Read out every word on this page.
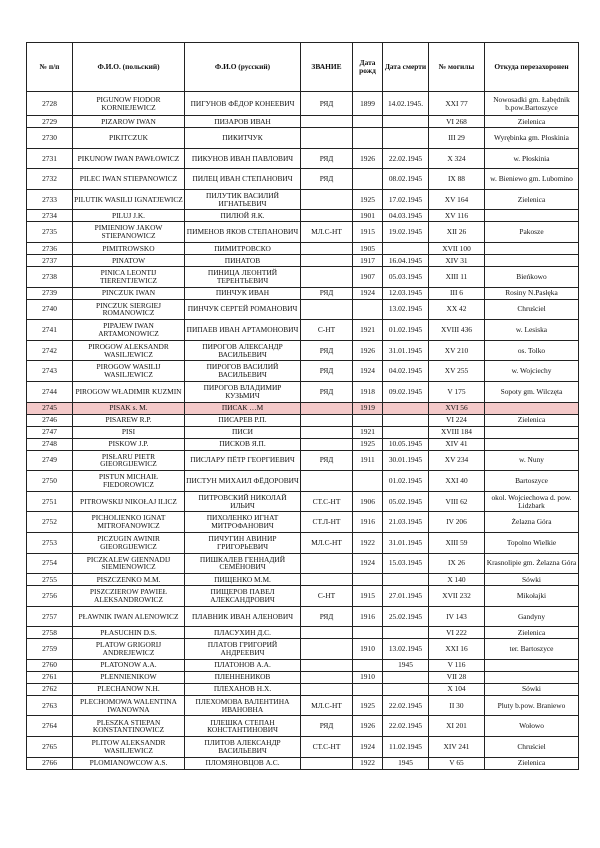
№ п/п	Ф.И.О. (польский)	Ф.И.О (русский)	ЗВАНИЕ	Дата рожд	Дата смерти	№ могилы	Откуда перезахоронен
2728	PIGUNOW FIODOR KORNIEJEWICZ	ПИГУНОВ ФЁДОР КОНЕЕВИЧ	РЯД	1899	14.02.1945.	XXI 77	Nowosadki gm. Łabędnik b.pow.Bartoszyce
2729	PIZAROW IWAN	ПИЗАРОВ ИВАН				VI 268	Zielenica
2730	PIKITCZUK	ПИКИТЧУК				III 29	Wyrębinka gm. Płoskinia
2731	PIKUNOW IWAN PAWŁOWICZ	ПИКУНОВ ИВАН ПАВЛОВИЧ	РЯД	1926	22.02.1945	X 324	w. Płoskinia
2732	PILEC IWAN STIEPANOWICZ	ПИЛЕЦ ИВАН СТЕПАНОВИЧ	РЯД		08.02.1945	IX 88	w. Bieniewo gm. Lubomino
2733	PILUTIK WASILIJ IGNATJEWICZ	ПИЛУТИК ВАСИЛИЙ ИГНАТЬЕВИЧ		1925	17.02.1945	XV 164	Zielenica
2734	PILUJ J.K.	ПИЛЮЙ Я.К.		1901	04.03.1945	XV 116	
2735	PIMIENIOW JAKOW STIEPANOWICZ	ПИМЕНОВ ЯКОВ СТЕПАНОВИЧ	МЛ.С-НТ	1915	19.02.1945	XII 26	Pakosze
2736	PIMITROWSKO	ПИМИТРОВСКО		1905		XVII 100	
2737	PINATOW	ПИНАТОВ		1917	16.04.1945	XIV 31	
2738	PINICA LEONTIJ TIERENTJEWICZ	ПИНИЦА ЛЕОНТИЙ ТЕРЕНТЬЕВИЧ		1907	05.03.1945	XIII 11	Bieńkowo
2739	PINCZUK IWAN	ПИНЧУК ИВАН	РЯД	1924	12.03.1945	III 6	Rosiny N.Pasłęka
2740	PINCZUK SIERGIEJ ROMANOWICZ	ПИНЧУК СЕРГЕЙ РОМАНОВИЧ			13.02.1945	XX 42	Chruściel
2741	PIPAJEW IWAN ARTAMONOWICZ	ПИПАЕВ ИВАН АРТАМОНОВИЧ	С-НТ	1921	01.02.1945	XVIII 436	w. Lesiska
2742	PIROGOW ALEKSANDR WASILJEWICZ	ПИРОГОВ АЛЕКСАНДР ВАСИЛЬЕВИЧ	РЯД	1926	31.01.1945	XV 210	os. Tolko
2743	PIROGOW WASILIJ WASILJEWICZ	ПИРОГОВ ВАСИЛИЙ ВАСИЛЬЕВИЧ	РЯД	1924	04.02.1945	XV 255	w. Wojciechy
2744	PIROGOW WŁADIMIR KUZMIN	ПИРОГОВ ВЛАДИМИР КУЗЬМИЧ	РЯД	1918	09.02.1945	V 175	Sopoty gm. Wilczęta
2745	PISAK s. M.	ПИСАК …М		1919		XVI 56	
2746	PISAREW R.P.	ПИСАРЕВ Р.П.				VI 224	Zielenica
2747	PISI	ПИСИ		1921		XVIII 184	
2748	PISKOW J.P.	ПИСКОВ Я.П.		1925	10.05.1945	XIV 41	
2749	PISŁARU PIETR GIEORGIJEWICZ	ПИСЛАРУ ПЁТР ГЕОРГИЕВИЧ	РЯД	1911	30.01.1945	XV 234	w. Nuny
2750	PISTUN MICHAIŁ FIEDOROWICZ	ПИСТУН МИХАИЛ ФЁДОРОВИЧ			01.02.1945	XXI 40	Bartoszyce
2751	PITROWSKIJ NIKOŁAJ ILICZ	ПИТРОВСКИЙ НИКОЛАЙ ИЛЬИЧ	СТ.С-НТ	1906	05.02.1945	VIII 62	okol. Wojciechowa d. pow. Lidzbark
2752	PICHOLIENKO IGNAT MITROFANOWICZ	ПИХОЛЕНКО ИГНАТ МИТРОФАНОВИЧ	СТ.Л-НТ	1916	21.03.1945	IV 206	Żelazna Góra
2753	PICZUGIN AWINIR GIEORGIJEWICZ	ПИЧУГИН АВИНИР ГРИГОРЬЕВИЧ	МЛ.С-НТ	1922	31.01.1945	XIII 59	Topolno Wielkie
2754	PICZKALEW GIENNADIJ SIEMIENOWICZ	ПИШКАЛЕВ ГЕННАДИЙ СЕМЁНОВИЧ		1924	15.03.1945	IX 26	Krasnolipie gm. Żelazna Góra
2755	PISZCZENKO M.M.	ПИЩЕНКО М.М.				X 140	Sówki
2756	PISZCZIEROW PAWIEŁ ALEKSANDROWICZ	ПИЩЕРОВ ПАВЕЛ АЛЕКСАНДРОВИЧ	С-НТ	1915	27.01.1945	XVII 232	Mikołajki
2757	PŁAWNIK IWAN ALENOWICZ	ПЛАВНИК ИВАН АЛЕНОВИЧ	РЯД	1916	25.02.1945	IV 143	Gandyny
2758	PŁASUCHIN D.S.	ПЛАСУХИН Д.С.				VI 222	Zielenica
2759	PLATOW GRIGORIJ ANDREJEWICZ	ПЛАТОВ ГРИГОРИЙ АНДРЕЕВИЧ		1910	13.02.1945	XXI 16	ter. Bartoszyce
2760	PLATONOW A.A.	ПЛАТОНОВ А.А.			1945	V 116	
2761	PLENNIENIKOW	ПЛЕННЕНИКОВ		1910		VII 28	
2762	PLECHANOW N.H.	ПЛЕХАНОВ Н.Х.				X 104	Sówki
2763	PLECHOMOWA WALENTINA IWANOWNA	ПЛЕХОМОВА ВАЛЕНТИНА ИВАНОВНА	МЛ.С-НТ	1925	22.02.1945	II 30	Pluty b.pow. Braniewo
2764	PLESZKA STIEPAN KONSTANTINOWICZ	ПЛЕШКА СТЕПАН КОНСТАНТИНОВИЧ	РЯД	1926	22.02.1945	XI 201	Wołowo
2765	PLITOW ALEKSANDR WASILJEWICZ	ПЛИТОВ АЛЕКСАНДР ВАСИЛЬЕВИЧ	СТ.С-НТ	1924	11.02.1945	XIV 241	Chruściel
2766	PLOMIANOWCOW A.S.	ПЛОМЯНОВЦОВ А.С.		1922	1945	V 65	Zielenica
